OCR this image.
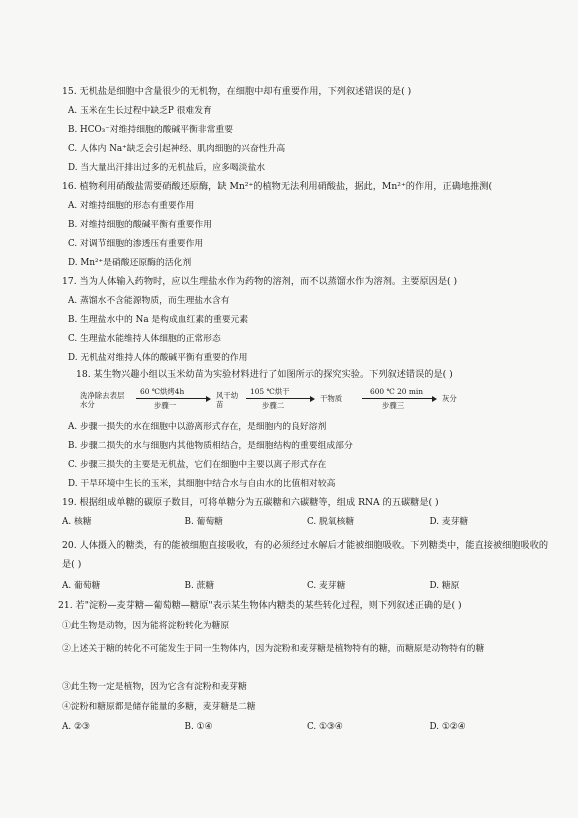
15. 无机盐是细胞中含量很少的无机物，在细胞中却有重要作用，下列叙述错误的是( )
A. 玉米在生长过程中缺乏P 很难发育
B. HCO₃⁻对维持细胞的酸碱平衡非常重要
C. 人体内 Na⁺缺乏会引起神经、肌肉细胞的兴奋性升高
D. 当大量出汗排出过多的无机盐后，应多喝淡盐水
16. 植物利用硝酸盐需要硝酸还原酶，缺 Mn²⁺的植物无法利用硝酸盐，据此，Mn²⁺的作用，正确地推测(
A. 对维持细胞的形态有重要作用
B. 对维持细胞的酸碱平衡有重要作用
C. 对调节细胞的渗透压有重要作用
D. Mn²⁺是硝酸还原酶的活化剂
17. 当为人体输入药物时，应以生理盐水作为药物的溶剂，而不以蒸馏水作为溶剂。主要原因是( )
A. 蒸馏水不含能源物质，而生理盐水含有
B. 生理盐水中的 Na 是构成血红素的重要元素
C. 生理盐水能维持人体细胞的正常形态
D. 无机盐对维持人体的酸碱平衡有重要的作用
18. 某生物兴趣小组以玉米幼苗为实验材料进行了如图所示的探究实验。下列叙述错误的是( )
洗净除去表层水分
60 ℃烘烤4h
步骤一
风干幼苗
105 ℃烘干
步骤二
干物质
600 ℃ 20 min
步骤三
灰分
A. 步骤一损失的水在细胞中以游离形式存在，是细胞内的良好溶剂
B. 步骤二损失的水与细胞内其他物质相结合，是细胞结构的重要组成部分
C. 步骤三损失的主要是无机盐，它们在细胞中主要以离子形式存在
D. 干旱环境中生长的玉米，其细胞中结合水与自由水的比值相对较高
19. 根据组成单糖的碳原子数目，可将单糖分为五碳糖和六碳糖等，组成 RNA 的五碳糖是( )
A. 核糖	B. 葡萄糖	C. 脱氧核糖	D. 麦芽糖
20. 人体摄入的糖类，有的能被细胞直接吸收，有的必须经过水解后才能被细胞吸收。下列糖类中，能直接被细胞吸收的是( )
A. 葡萄糖	B. 蔗糖	C. 麦芽糖	D. 糖原
21. 若"淀粉—麦芽糖—葡萄糖—糖原"表示某生物体内糖类的某些转化过程，则下列叙述正确的是( )
①此生物是动物，因为能将淀粉转化为糖原
②上述关于糖的转化不可能发生于同一生物体内，因为淀粉和麦芽糖是植物特有的糖，而糖原是动物特有的糖
③此生物一定是植物，因为它含有淀粉和麦芽糖
④淀粉和糖原都是储存能量的多糖，麦芽糖是二糖
A. ②③	B. ①④	C. ①③④	D. ①②④
